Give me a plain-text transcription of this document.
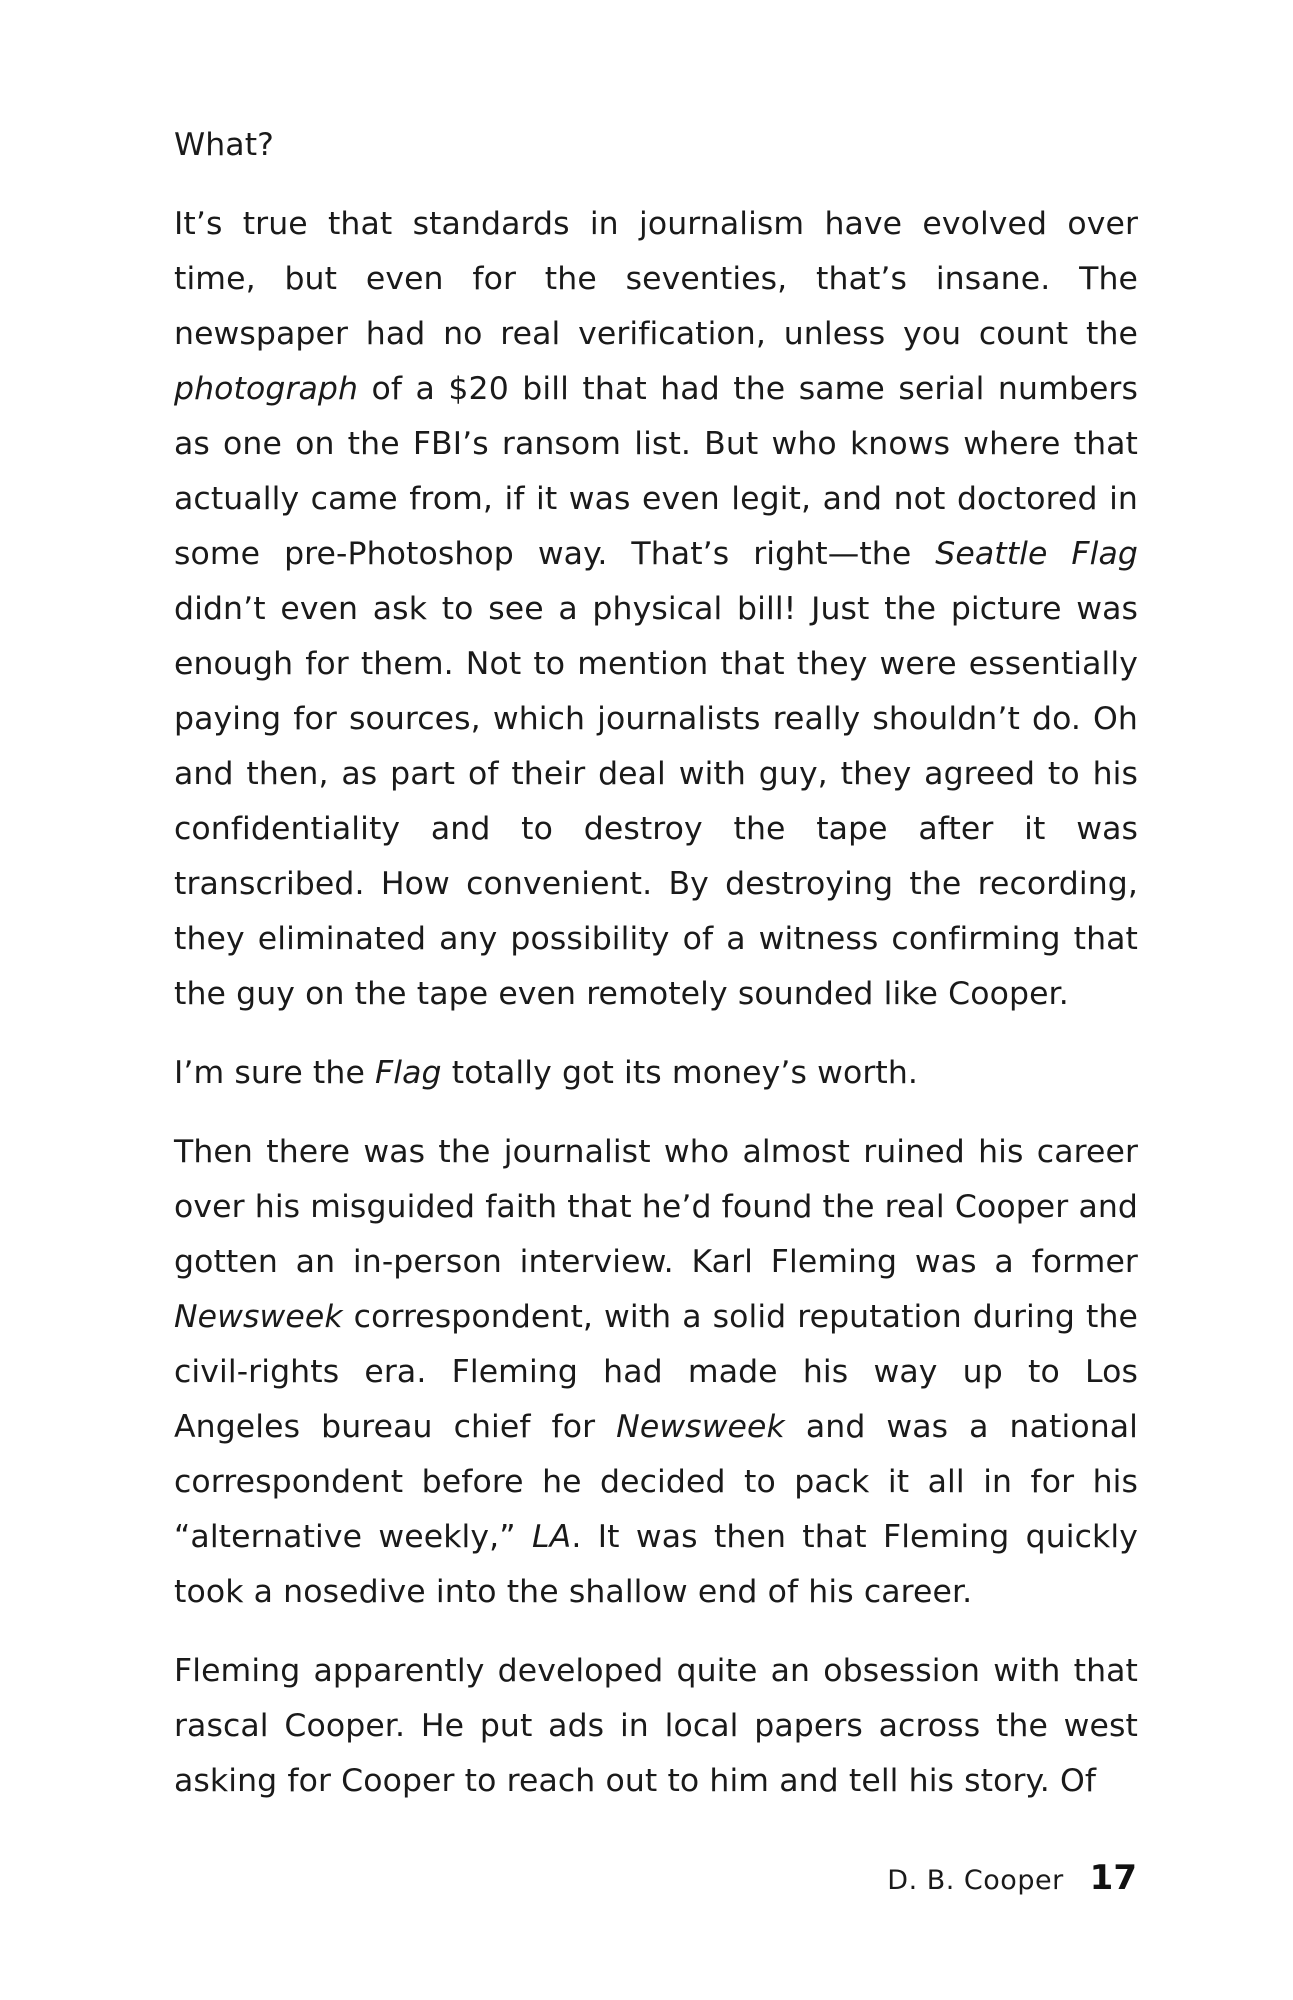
What?

It’s true that standards in journalism have evolved over time, but even for the seventies, that’s insane. The newspaper had no real verification, unless you count the photograph of a $20 bill that had the same serial numbers as one on the FBI’s ransom list. But who knows where that actually came from, if it was even legit, and not doctored in some pre-Photoshop way. That’s right—the Seattle Flag didn’t even ask to see a physical bill! Just the picture was enough for them. Not to mention that they were essentially paying for sources, which journalists really shouldn’t do. Oh and then, as part of their deal with guy, they agreed to his confidentiality and to destroy the tape after it was transcribed. How convenient. By destroying the recording, they eliminated any possibility of a witness confirming that the guy on the tape even remotely sounded like Cooper.

I’m sure the Flag totally got its money’s worth.

Then there was the journalist who almost ruined his career over his misguided faith that he’d found the real Cooper and gotten an in-person interview. Karl Fleming was a former Newsweek correspondent, with a solid reputation during the civil-rights era. Fleming had made his way up to Los Angeles bureau chief for Newsweek and was a national correspondent before he decided to pack it all in for his “alternative weekly,” LA. It was then that Fleming quickly took a nosedive into the shallow end of his career.

Fleming apparently developed quite an obsession with that rascal Cooper. He put ads in local papers across the west asking for Cooper to reach out to him and tell his story. Of

D. B. Cooper 17
